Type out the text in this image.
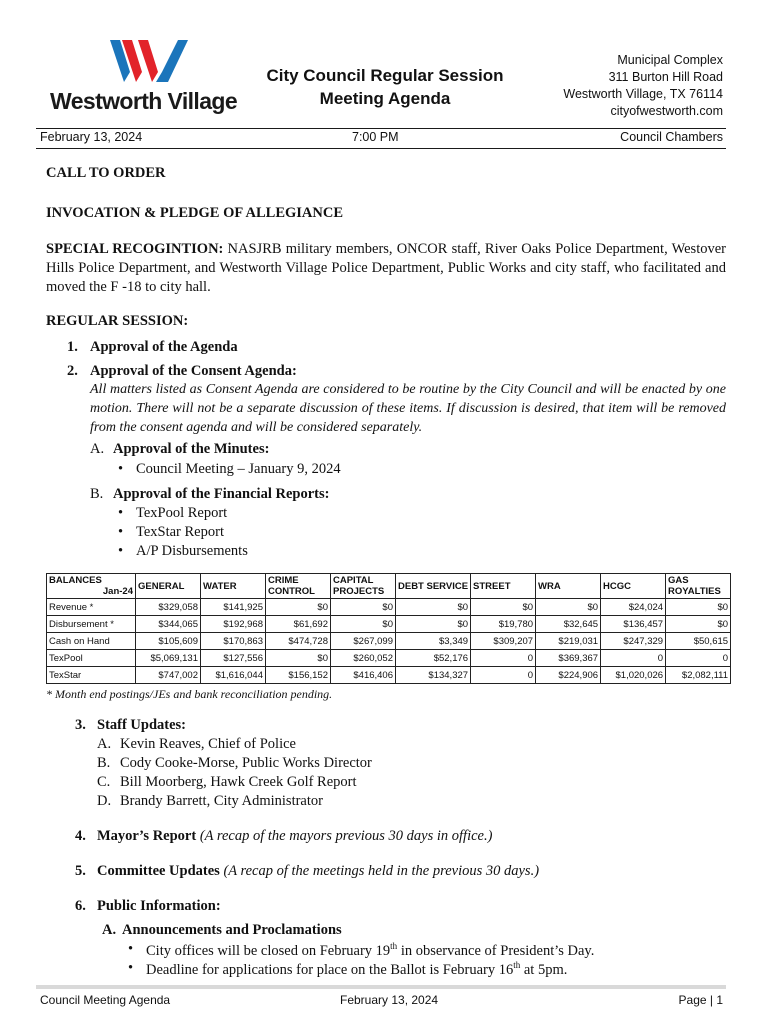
Westworth Village
City Council Regular Session
Meeting Agenda
Municipal Complex
311 Burton Hill Road
Westworth Village, TX 76114
cityofwestworth.com
February 13, 2024	7:00 PM	Council Chambers
CALL TO ORDER
INVOCATION & PLEDGE OF ALLEGIANCE
SPECIAL RECOGINTION: NASJRB military members, ONCOR staff, River Oaks Police Department, Westover Hills Police Department, and Westworth Village Police Department, Public Works and city staff, who facilitated and moved the F -18 to city hall.
REGULAR SESSION:
1. Approval of the Agenda
2. Approval of the Consent Agenda:
All matters listed as Consent Agenda are considered to be routine by the City Council and will be enacted by one motion. There will not be a separate discussion of these items. If discussion is desired, that item will be removed from the consent agenda and will be considered separately.
A. Approval of the Minutes:
• Council Meeting – January 9, 2024
B. Approval of the Financial Reports:
• TexPool Report
• TexStar Report
• A/P Disbursements
BALANCES
Jan-24	GENERAL	WATER	CRIME CONTROL	CAPITAL PROJECTS	DEBT SERVICE	STREET	WRA	HCGC	GAS ROYALTIES
Revenue *	$329,058	$141,925	$0	$0	$0	$0	$0	$24,024	$0
Disbursement *	$344,065	$192,968	$61,692	$0	$0	$19,780	$32,645	$136,457	$0
Cash on Hand	$105,609	$170,863	$474,728	$267,099	$3,349	$309,207	$219,031	$247,329	$50,615
TexPool	$5,069,131	$127,556	$0	$260,052	$52,176	0	$369,367	0	0
TexStar	$747,002	$1,616,044	$156,152	$416,406	$134,327	0	$224,906	$1,020,026	$2,082,111
* Month end postings/JEs and bank reconciliation pending.
3. Staff Updates:
A. Kevin Reaves, Chief of Police
B. Cody Cooke-Morse, Public Works Director
C. Bill Moorberg, Hawk Creek Golf Report
D. Brandy Barrett, City Administrator
4. Mayor’s Report (A recap of the mayors previous 30 days in office.)
5. Committee Updates (A recap of the meetings held in the previous 30 days.)
6. Public Information:
A. Announcements and Proclamations
• City offices will be closed on February 19th in observance of President’s Day.
• Deadline for applications for place on the Ballot is February 16th at 5pm.
Council Meeting Agenda	February 13, 2024	Page | 1
